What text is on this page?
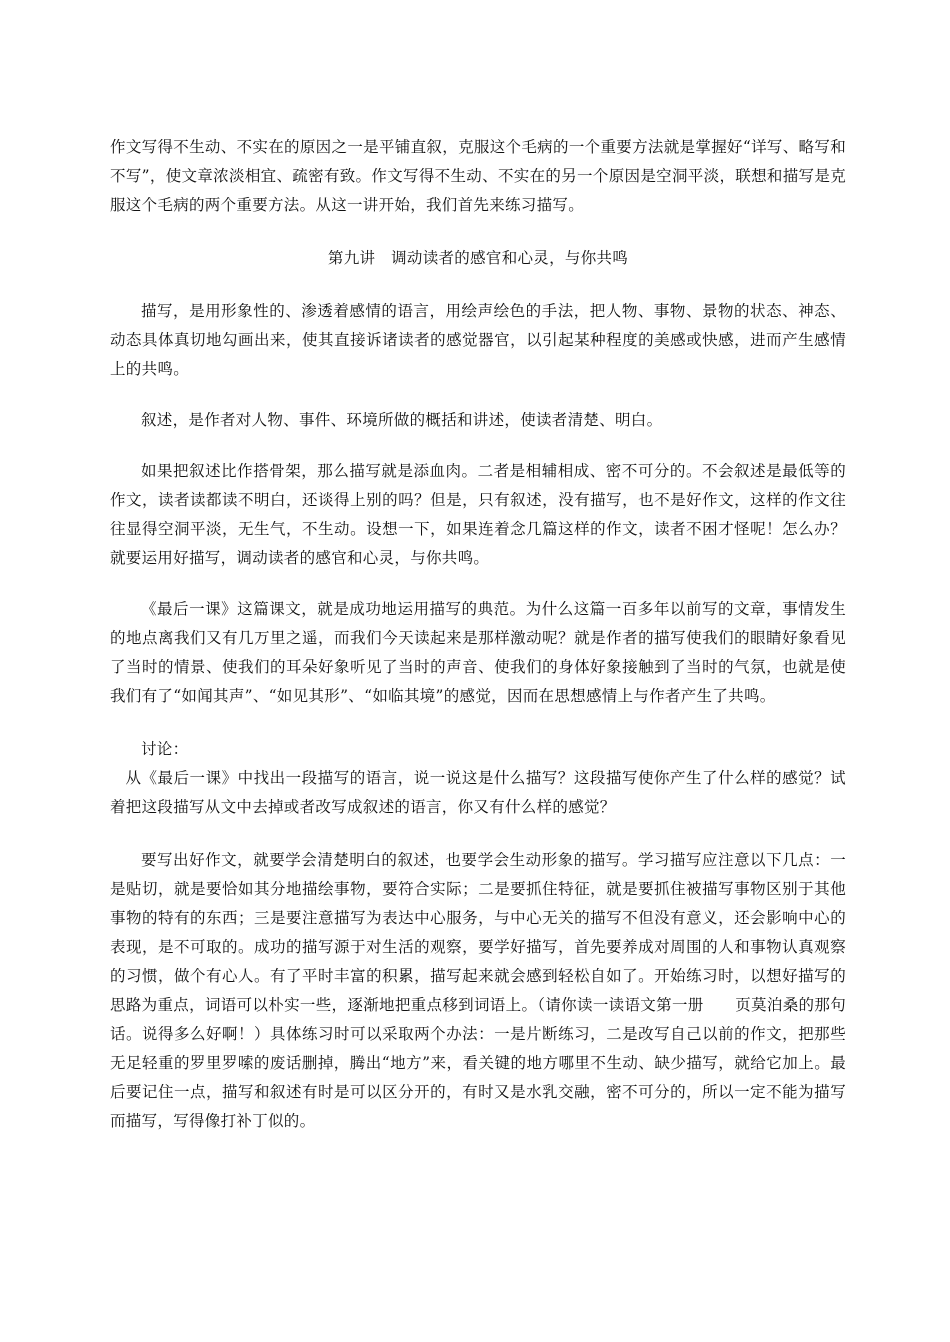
作文写得不生动、不实在的原因之一是平铺直叙，克服这个毛病的一个重要方法就是掌握好“详写、略写和不写”，使文章浓淡相宜、疏密有致。作文写得不生动、不实在的另一个原因是空洞平淡，联想和描写是克服这个毛病的两个重要方法。从这一讲开始，我们首先来练习描写。

第九讲　调动读者的感官和心灵，与你共鸣

描写，是用形象性的、渗透着感情的语言，用绘声绘色的手法，把人物、事物、景物的状态、神态、动态具体真切地勾画出来，使其直接诉诸读者的感觉器官，以引起某种程度的美感或快感，进而产生感情上的共鸣。

叙述，是作者对人物、事件、环境所做的概括和讲述，使读者清楚、明白。

如果把叙述比作搭骨架，那么描写就是添血肉。二者是相辅相成、密不可分的。不会叙述是最低等的作文，读者读都读不明白，还谈得上别的吗？但是，只有叙述，没有描写，也不是好作文，这样的作文往往显得空洞平淡，无生气，不生动。设想一下，如果连着念几篇这样的作文，读者不困才怪呢！怎么办？就要运用好描写，调动读者的感官和心灵，与你共鸣。

《最后一课》这篇课文，就是成功地运用描写的典范。为什么这篇一百多年以前写的文章，事情发生的地点离我们又有几万里之遥，而我们今天读起来是那样激动呢？就是作者的描写使我们的眼睛好象看见了当时的情景、使我们的耳朵好象听见了当时的声音、使我们的身体好象接触到了当时的气氛，也就是使我们有了“如闻其声”、“如见其形”、“如临其境”的感觉，因而在思想感情上与作者产生了共鸣。

讨论：

从《最后一课》中找出一段描写的语言，说一说这是什么描写？这段描写使你产生了什么样的感觉？试着把这段描写从文中去掉或者改写成叙述的语言，你又有什么样的感觉？

要写出好作文，就要学会清楚明白的叙述，也要学会生动形象的描写。学习描写应注意以下几点：一是贴切，就是要恰如其分地描绘事物，要符合实际；二是要抓住特征，就是要抓住被描写事物区别于其他事物的特有的东西；三是要注意描写为表达中心服务，与中心无关的描写不但没有意义，还会影响中心的表现，是不可取的。成功的描写源于对生活的观察，要学好描写，首先要养成对周围的人和事物认真观察的习惯，做个有心人。有了平时丰富的积累，描写起来就会感到轻松自如了。开始练习时，以想好描写的思路为重点，词语可以朴实一些，逐渐地把重点移到词语上。（请你读一读语文第一册　　页莫泊桑的那句话。说得多么好啊！）具体练习时可以采取两个办法：一是片断练习，二是改写自己以前的作文，把那些无足轻重的罗里罗嗦的废话删掉，腾出“地方”来，看关键的地方哪里不生动、缺少描写，就给它加上。最后要记住一点，描写和叙述有时是可以区分开的，有时又是水乳交融，密不可分的，所以一定不能为描写而描写，写得像打补丁似的。
